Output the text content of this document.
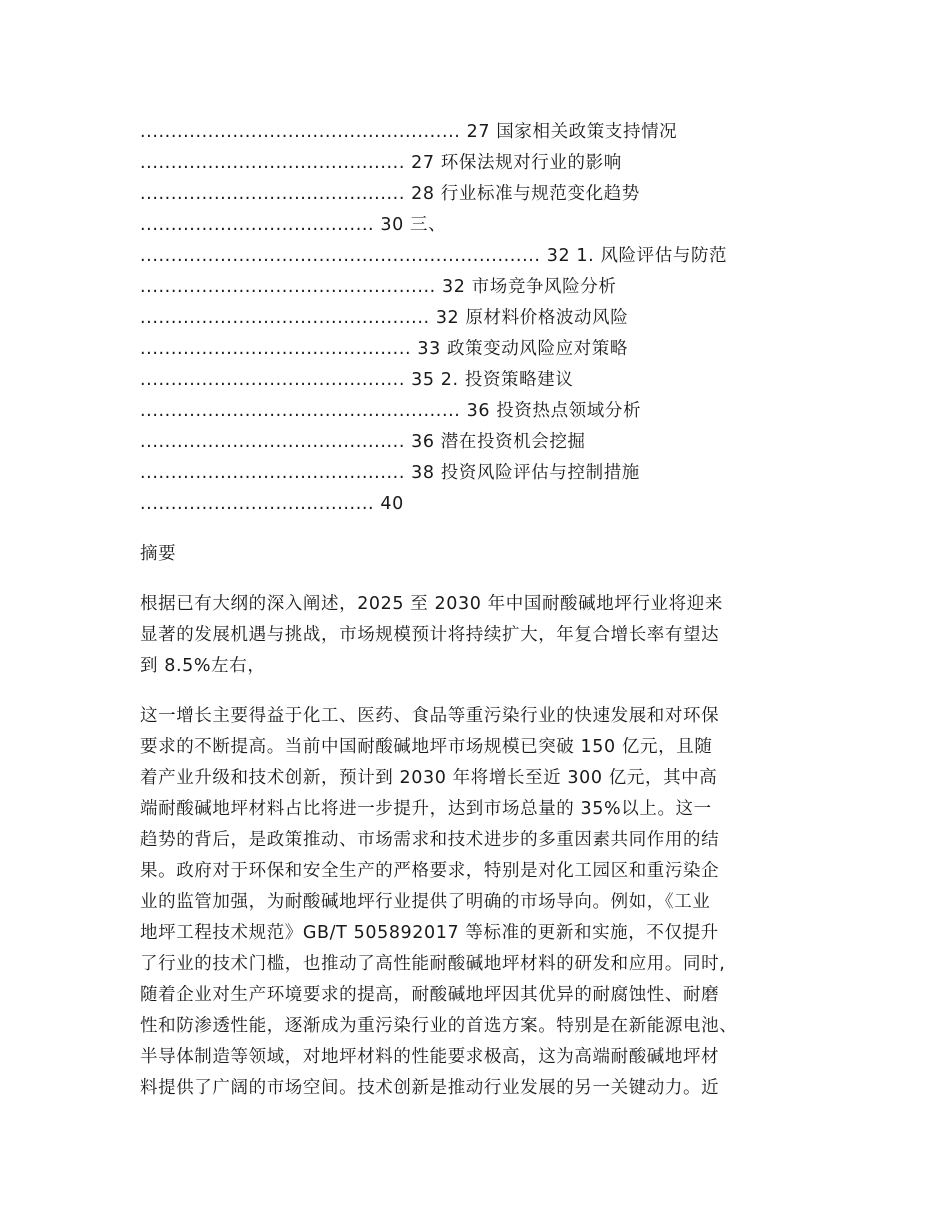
.................................................... 27 国家相关政策支持情况
........................................... 27 环保法规对行业的影响
........................................... 28 行业标准与规范变化趋势
...................................... 30 三、
................................................................. 32 1. 风险评估与防范
................................................ 32 市场竞争风险分析
............................................... 32 原材料价格波动风险
............................................ 33 政策变动风险应对策略
........................................... 35 2. 投资策略建议
.................................................... 36 投资热点领域分析
........................................... 36 潜在投资机会挖掘
........................................... 38 投资风险评估与控制措施
...................................... 40
摘要
根据已有大纲的深入阐述，2025 至 2030 年中国耐酸碱地坪行业将迎来
显著的发展机遇与挑战，市场规模预计将持续扩大，年复合增长率有望达
到 8.5%左右，
这一增长主要得益于化工、医药、食品等重污染行业的快速发展和对环保
要求的不断提高。当前中国耐酸碱地坪市场规模已突破 150 亿元，且随
着产业升级和技术创新，预计到 2030 年将增长至近 300 亿元，其中高
端耐酸碱地坪材料占比将进一步提升，达到市场总量的 35%以上。这一
趋势的背后，是政策推动、市场需求和技术进步的多重因素共同作用的结
果。政府对于环保和安全生产的严格要求，特别是对化工园区和重污染企
业的监管加强，为耐酸碱地坪行业提供了明确的市场导向。例如，《工业
地坪工程技术规范》GB/T 505892017 等标准的更新和实施，不仅提升
了行业的技术门槛，也推动了高性能耐酸碱地坪材料的研发和应用。同时,
随着企业对生产环境要求的提高，耐酸碱地坪因其优异的耐腐蚀性、耐磨
性和防渗透性能，逐渐成为重污染行业的首选方案。特别是在新能源电池、
半导体制造等领域，对地坪材料的性能要求极高，这为高端耐酸碱地坪材
料提供了广阔的市场空间。技术创新是推动行业发展的另一关键动力。近
